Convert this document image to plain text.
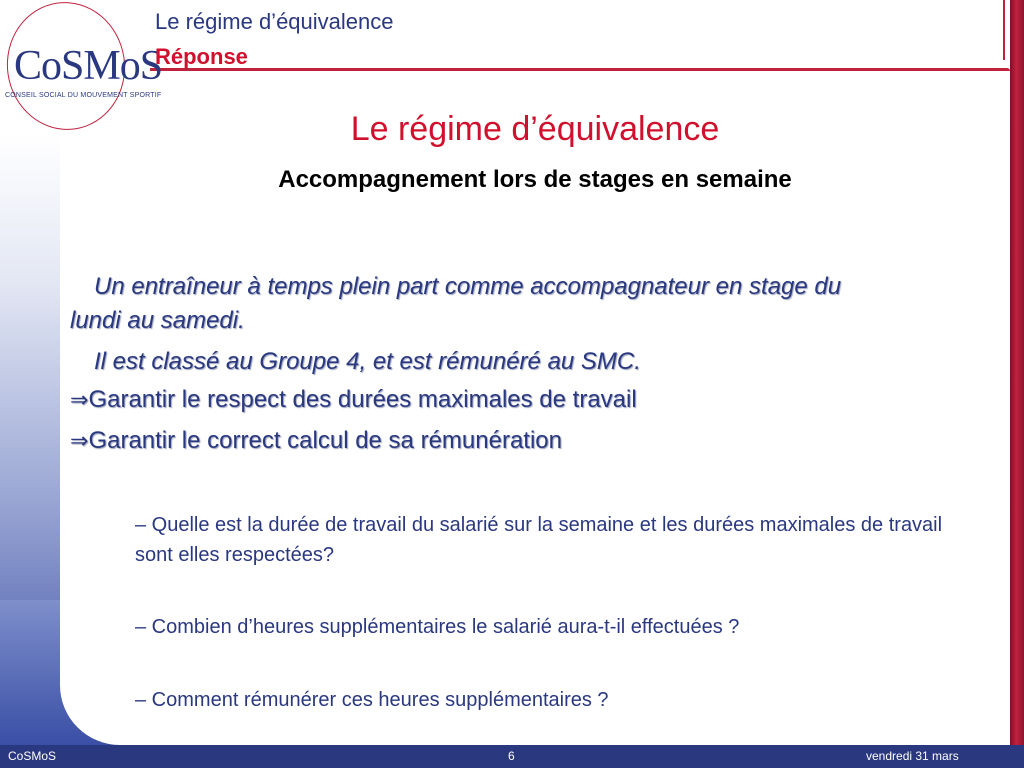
CoSMoS
CONSEIL SOCIAL DU MOUVEMENT SPORTIF
Le régime d’équivalence
Réponse
Le régime d’équivalence
Accompagnement lors de stages en semaine
Un entraîneur à temps plein part comme accompagnateur en stage du
lundi au samedi.
Il est classé au Groupe 4, et est rémunéré au SMC.
⇒Garantir le respect des durées maximales de travail
⇒Garantir le correct calcul de sa rémunération
– Quelle est la durée de travail du salarié sur la semaine et les durées maximales de travail sont elles respectées?
– Combien d’heures supplémentaires le salarié aura-t-il effectuées ?
– Comment rémunérer ces heures supplémentaires ?
CoSMoS	6	vendredi 31 mars
